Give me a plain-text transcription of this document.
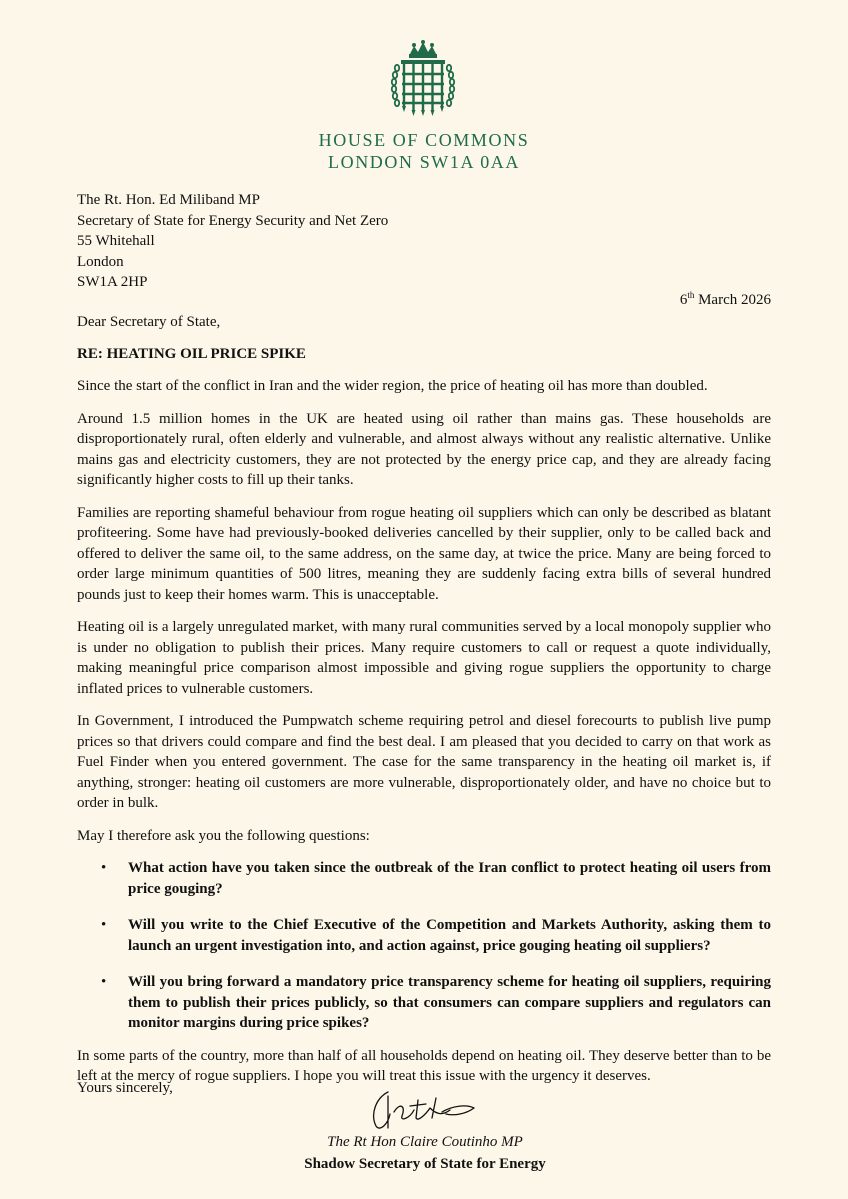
HOUSE OF COMMONS
LONDON SW1A 0AA
The Rt. Hon. Ed Miliband MP
Secretary of State for Energy Security and Net Zero
55 Whitehall
London
SW1A 2HP
6th March 2026
Dear Secretary of State,
RE: HEATING OIL PRICE SPIKE

Since the start of the conflict in Iran and the wider region, the price of heating oil has more than doubled.

Around 1.5 million homes in the UK are heated using oil rather than mains gas. These households are disproportionately rural, often elderly and vulnerable, and almost always without any realistic alternative. Unlike mains gas and electricity customers, they are not protected by the energy price cap, and they are already facing significantly higher costs to fill up their tanks.

Families are reporting shameful behaviour from rogue heating oil suppliers which can only be described as blatant profiteering. Some have had previously-booked deliveries cancelled by their supplier, only to be called back and offered to deliver the same oil, to the same address, on the same day, at twice the price. Many are being forced to order large minimum quantities of 500 litres, meaning they are suddenly facing extra bills of several hundred pounds just to keep their homes warm. This is unacceptable.

Heating oil is a largely unregulated market, with many rural communities served by a local monopoly supplier who is under no obligation to publish their prices. Many require customers to call or request a quote individually, making meaningful price comparison almost impossible and giving rogue suppliers the opportunity to charge inflated prices to vulnerable customers.

In Government, I introduced the Pumpwatch scheme requiring petrol and diesel forecourts to publish live pump prices so that drivers could compare and find the best deal. I am pleased that you decided to carry on that work as Fuel Finder when you entered government. The case for the same transparency in the heating oil market is, if anything, stronger: heating oil customers are more vulnerable, disproportionately older, and have no choice but to order in bulk.

May I therefore ask you the following questions:

• What action have you taken since the outbreak of the Iran conflict to protect heating oil users from price gouging?
• Will you write to the Chief Executive of the Competition and Markets Authority, asking them to launch an urgent investigation into, and action against, price gouging heating oil suppliers?
• Will you bring forward a mandatory price transparency scheme for heating oil suppliers, requiring them to publish their prices publicly, so that consumers can compare suppliers and regulators can monitor margins during price spikes?

In some parts of the country, more than half of all households depend on heating oil. They deserve better than to be left at the mercy of rogue suppliers. I hope you will treat this issue with the urgency it deserves.

Yours sincerely,
The Rt Hon Claire Coutinho MP
Shadow Secretary of State for Energy
